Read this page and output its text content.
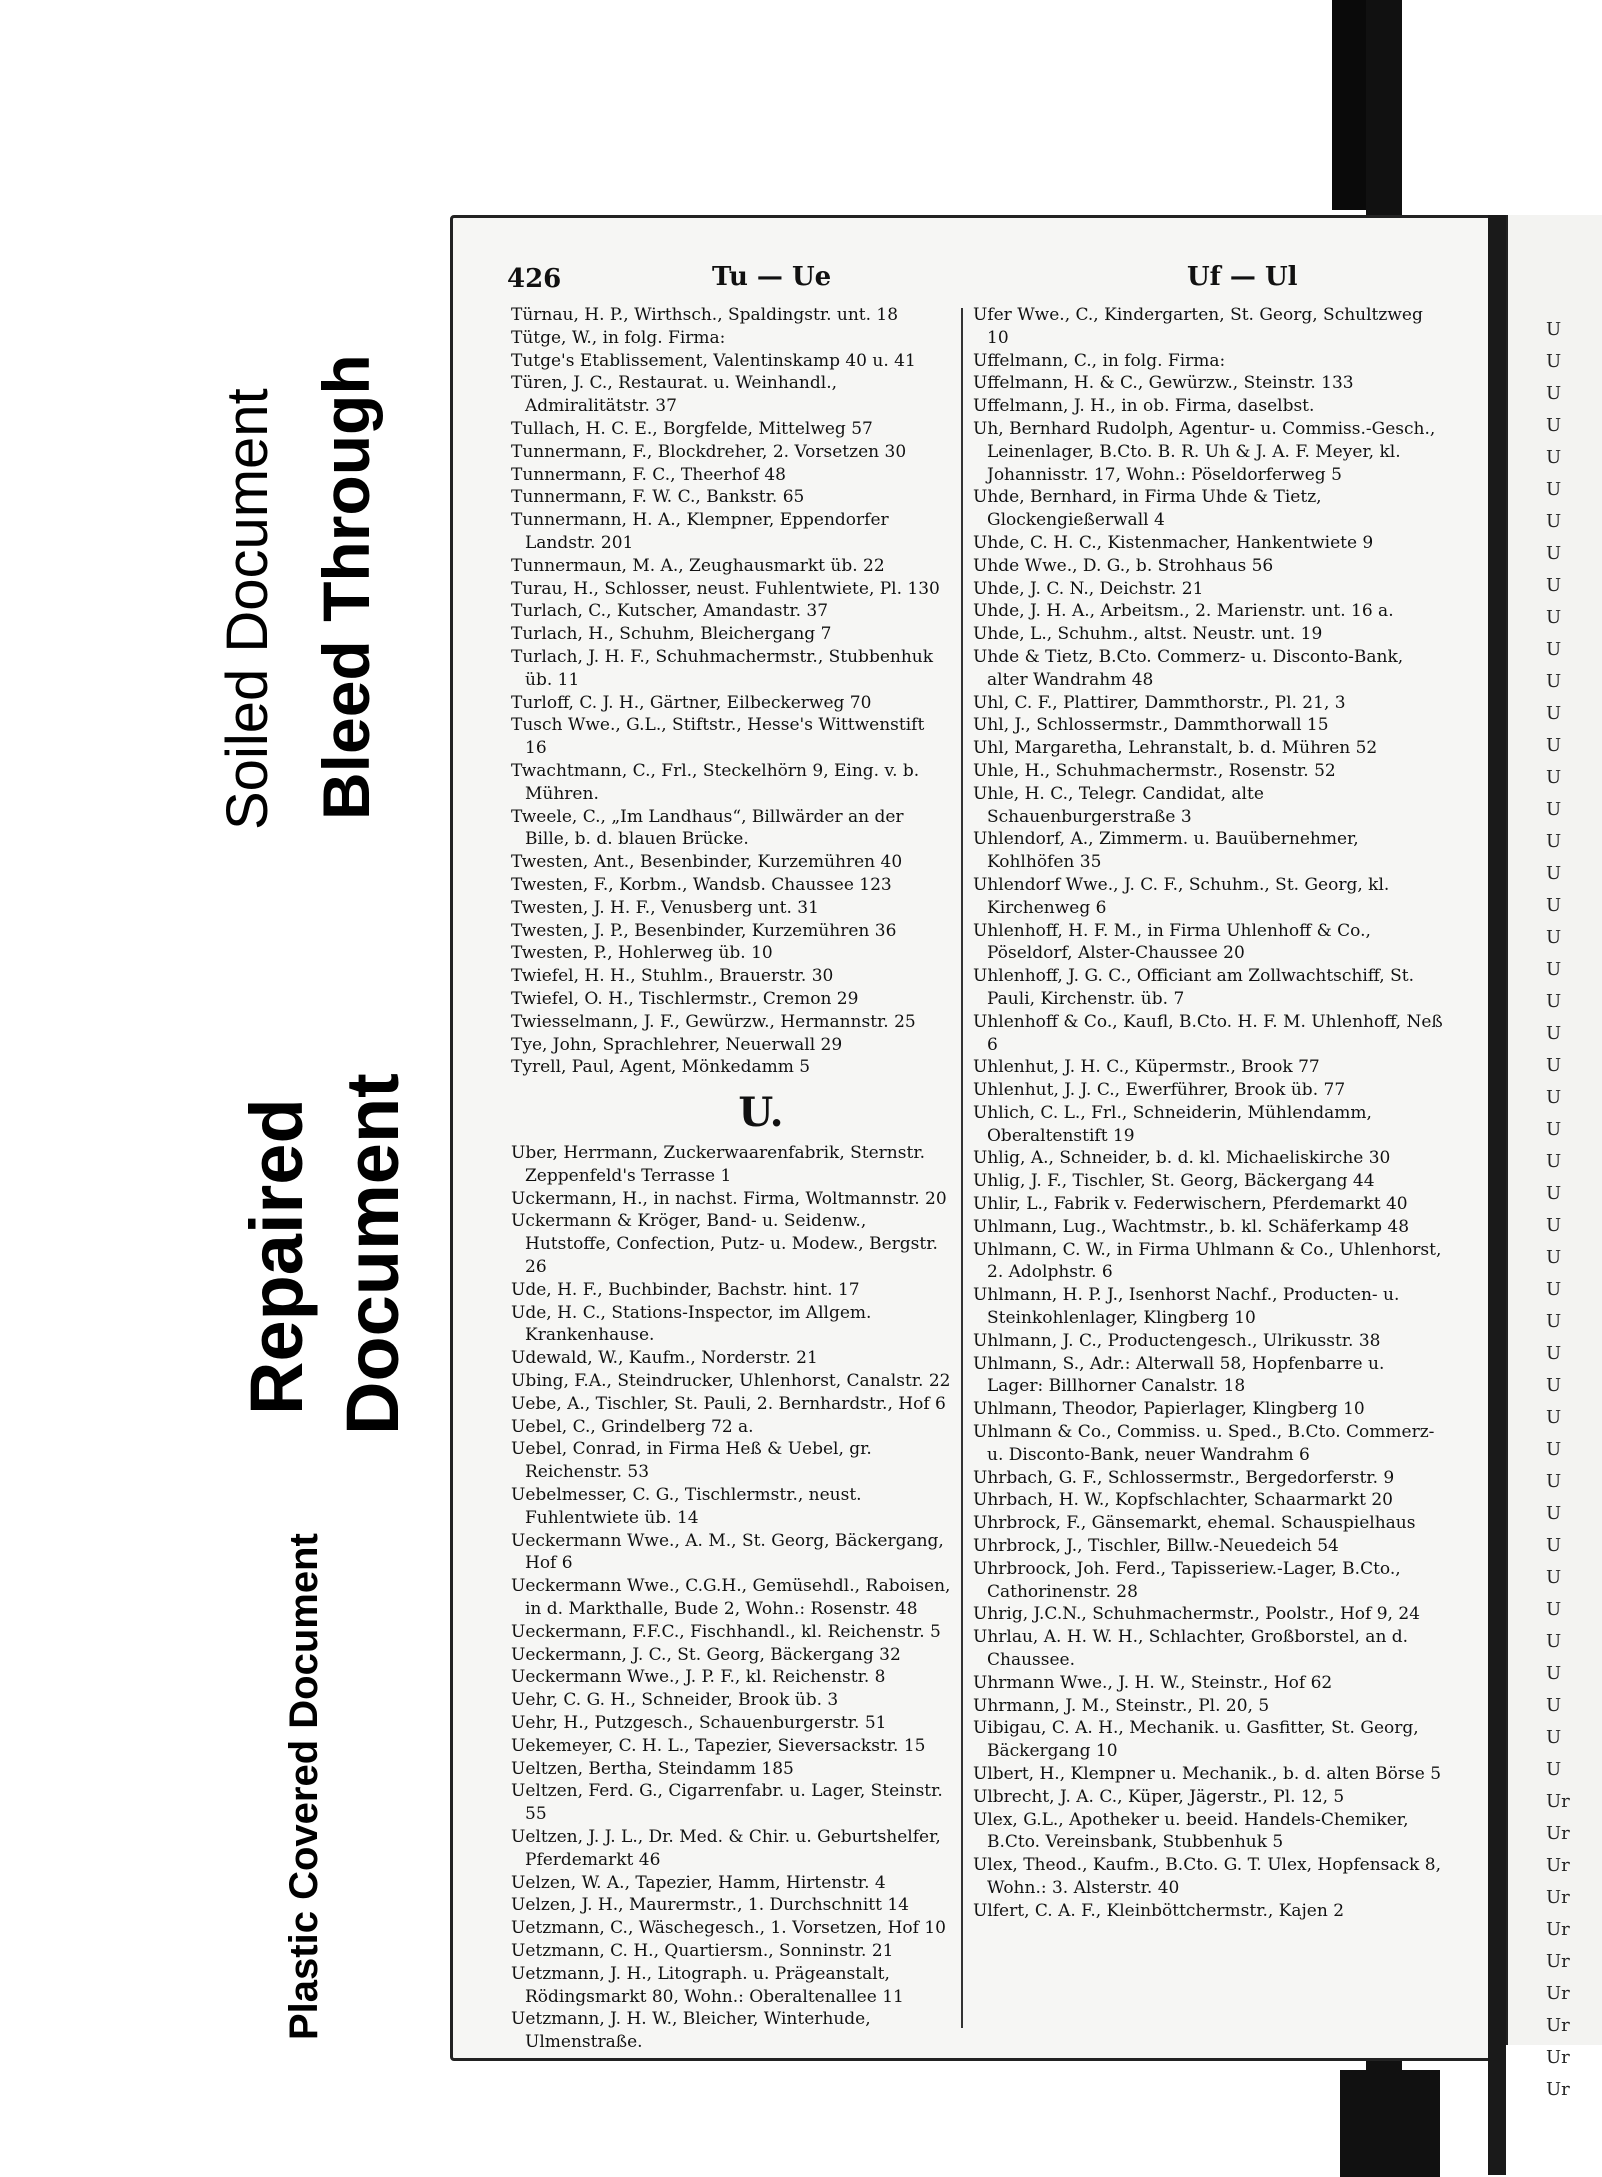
Soiled Document Bleed Through
Repaired Document
Plastic Covered Document
426	Tu — Ue	Uf — Ul

Türnau, H. P., Wirthsch., Spaldingstr. unt. 18

Tütge, W., in folg. Firma:

Tutge's Etablissement, Valentinskamp 40 u. 41

Türen, J. C., Restaurat. u. Weinhandl., Admiralitätstr. 37

Tullach, H. C. E., Borgfelde, Mittelweg 57

Tunnermann, F., Blockdreher, 2. Vorsetzen 30

Tunnermann, F. C., Theerhof 48

Tunnermann, F. W. C., Bankstr. 65

Tunnermann, H. A., Klempner, Eppendorfer Landstr. 201

Tunnermaun, M. A., Zeughausmarkt üb. 22

Turau, H., Schlosser, neust. Fuhlentwiete, Pl. 130

Turlach, C., Kutscher, Amandastr. 37

Turlach, H., Schuhm, Bleichergang 7

Turlach, J. H. F., Schuhmachermstr., Stubbenhuk üb. 11

Turloff, C. J. H., Gärtner, Eilbeckerweg 70

Tusch Wwe., G.L., Stiftstr., Hesse's Wittwenstift 16

Twachtmann, C., Frl., Steckelhörn 9, Eing. v. b. Mühren.

Tweele, C., „Im Landhaus“, Billwärder an der Bille, b. d. blauen Brücke.

Twesten, Ant., Besenbinder, Kurzemühren 40

Twesten, F., Korbm., Wandsb. Chaussee 123

Twesten, J. H. F., Venusberg unt. 31

Twesten, J. P., Besenbinder, Kurzemühren 36

Twesten, P., Hohlerweg üb. 10

Twiefel, H. H., Stuhlm., Brauerstr. 30

Twiefel, O. H., Tischlermstr., Cremon 29

Twiesselmann, J. F., Gewürzw., Hermannstr. 25

Tye, John, Sprachlehrer, Neuerwall 29

Tyrell, Paul, Agent, Mönkedamm 5

U.

Uber, Herrmann, Zuckerwaarenfabrik, Sternstr. Zeppenfeld's Terrasse 1

Uckermann, H., in nachst. Firma, Woltmannstr. 20

Uckermann & Kröger, Band- u. Seidenw., Hutstoffe, Confection, Putz- u. Modew., Bergstr. 26

Ude, H. F., Buchbinder, Bachstr. hint. 17

Ude, H. C., Stations-Inspector, im Allgem. Krankenhause.

Udewald, W., Kaufm., Norderstr. 21

Ubing, F.A., Steindrucker, Uhlenhorst, Canalstr. 22

Uebe, A., Tischler, St. Pauli, 2. Bernhardstr., Hof 6

Uebel, C., Grindelberg 72 a.

Uebel, Conrad, in Firma Heß & Uebel, gr. Reichenstr. 53

Uebelmesser, C. G., Tischlermstr., neust. Fuhlentwiete üb. 14

Ueckermann Wwe., A. M., St. Georg, Bäckergang, Hof 6

Ueckermann Wwe., C.G.H., Gemüsehdl., Raboisen, in d. Markthalle, Bude 2, Wohn.: Rosenstr. 48

Ueckermann, F.F.C., Fischhandl., kl. Reichenstr. 5

Ueckermann, J. C., St. Georg, Bäckergang 32

Ueckermann Wwe., J. P. F., kl. Reichenstr. 8

Uehr, C. G. H., Schneider, Brook üb. 3

Uehr, H., Putzgesch., Schauenburgerstr. 51

Uekemeyer, C. H. L., Tapezier, Sieversackstr. 15

Ueltzen, Bertha, Steindamm 185

Ueltzen, Ferd. G., Cigarrenfabr. u. Lager, Steinstr. 55

Ueltzen, J. J. L., Dr. Med. & Chir. u. Geburtshelfer, Pferdemarkt 46

Uelzen, W. A., Tapezier, Hamm, Hirtenstr. 4

Uelzen, J. H., Maurermstr., 1. Durchschnitt 14

Uetzmann, C., Wäschegesch., 1. Vorsetzen, Hof 10

Uetzmann, C. H., Quartiersm., Sonninstr. 21

Uetzmann, J. H., Litograph. u. Prägeanstalt, Rödingsmarkt 80, Wohn.: Oberaltenallee 11

Uetzmann, J. H. W., Bleicher, Winterhude, Ulmenstraße.

Ufer Wwe., C., Kindergarten, St. Georg, Schultzweg 10

Uffelmann, C., in folg. Firma:

Uffelmann, H. & C., Gewürzw., Steinstr. 133

Uffelmann, J. H., in ob. Firma, daselbst.

Uh, Bernhard Rudolph, Agentur- u. Commiss.-Gesch., Leinenlager, B.Cto. B. R. Uh & J. A. F. Meyer, kl. Johannisstr. 17, Wohn.: Pöseldorferweg 5

Uhde, Bernhard, in Firma Uhde & Tietz, Glockengießerwall 4

Uhde, C. H. C., Kistenmacher, Hankentwiete 9

Uhde Wwe., D. G., b. Strohhaus 56

Uhde, J. C. N., Deichstr. 21

Uhde, J. H. A., Arbeitsm., 2. Marienstr. unt. 16 a.

Uhde, L., Schuhm., altst. Neustr. unt. 19

Uhde & Tietz, B.Cto. Commerz- u. Disconto-Bank, alter Wandrahm 48

Uhl, C. F., Plattirer, Dammthorstr., Pl. 21, 3

Uhl, J., Schlossermstr., Dammthorwall 15

Uhl, Margaretha, Lehranstalt, b. d. Mühren 52

Uhle, H., Schuhmachermstr., Rosenstr. 52

Uhle, H. C., Telegr. Candidat, alte Schauenburgerstraße 3

Uhlendorf, A., Zimmerm. u. Bauübernehmer, Kohlhöfen 35

Uhlendorf Wwe., J. C. F., Schuhm., St. Georg, kl. Kirchenweg 6

Uhlenhoff, H. F. M., in Firma Uhlenhoff & Co., Pöseldorf, Alster-Chaussee 20

Uhlenhoff, J. G. C., Officiant am Zollwachtschiff, St. Pauli, Kirchenstr. üb. 7

Uhlenhoff & Co., Kaufl, B.Cto. H. F. M. Uhlenhoff, Neß 6

Uhlenhut, J. H. C., Küpermstr., Brook 77

Uhlenhut, J. J. C., Ewerführer, Brook üb. 77

Uhlich, C. L., Frl., Schneiderin, Mühlendamm, Oberaltenstift 19

Uhlig, A., Schneider, b. d. kl. Michaeliskirche 30

Uhlig, J. F., Tischler, St. Georg, Bäckergang 44

Uhlir, L., Fabrik v. Federwischern, Pferdemarkt 40

Uhlmann, Lug., Wachtmstr., b. kl. Schäferkamp 48

Uhlmann, C. W., in Firma Uhlmann & Co., Uhlenhorst, 2. Adolphstr. 6

Uhlmann, H. P. J., Isenhorst Nachf., Producten- u. Steinkohlenlager, Klingberg 10

Uhlmann, J. C., Productengesch., Ulrikusstr. 38

Uhlmann, S., Adr.: Alterwall 58, Hopfenbarre u. Lager: Billhorner Canalstr. 18

Uhlmann, Theodor, Papierlager, Klingberg 10

Uhlmann & Co., Commiss. u. Sped., B.Cto. Commerz- u. Disconto-Bank, neuer Wandrahm 6

Uhrbach, G. F., Schlossermstr., Bergedorferstr. 9

Uhrbach, H. W., Kopfschlachter, Schaarmarkt 20

Uhrbrock, F., Gänsemarkt, ehemal. Schauspielhaus

Uhrbrock, J., Tischler, Billw.-Neuedeich 54

Uhrbroock, Joh. Ferd., Tapisseriew.-Lager, B.Cto., Cathorinenstr. 28

Uhrig, J.C.N., Schuhmachermstr., Poolstr., Hof 9, 24

Uhrlau, A. H. W. H., Schlachter, Großborstel, an d. Chaussee.

Uhrmann Wwe., J. H. W., Steinstr., Hof 62

Uhrmann, J. M., Steinstr., Pl. 20, 5

Uibigau, C. A. H., Mechanik. u. Gasfitter, St. Georg, Bäckergang 10

Ulbert, H., Klempner u. Mechanik., b. d. alten Börse 5

Ulbrecht, J. A. C., Küper, Jägerstr., Pl. 12, 5

Ulex, G.L., Apotheker u. beeid. Handels-Chemiker, B.Cto. Vereinsbank, Stubbenhuk 5

Ulex, Theod., Kaufm., B.Cto. G. T. Ulex, Hopfensack 8, Wohn.: 3. Alsterstr. 40

Ulfert, C. A. F., Kleinböttchermstr., Kajen 2

U
U
U
U
U
U
U
U
U
U
U
U
U
U
U
U
U
U
U
U
U
U
U
U
U
U
U
U
U
U
U
U
U
U
U
U
U
U
U
U
U
U
U
U
U
U
Ur
Ur
Ur
Ur
Ur
Ur
Ur
Ur
Ur
Ur
